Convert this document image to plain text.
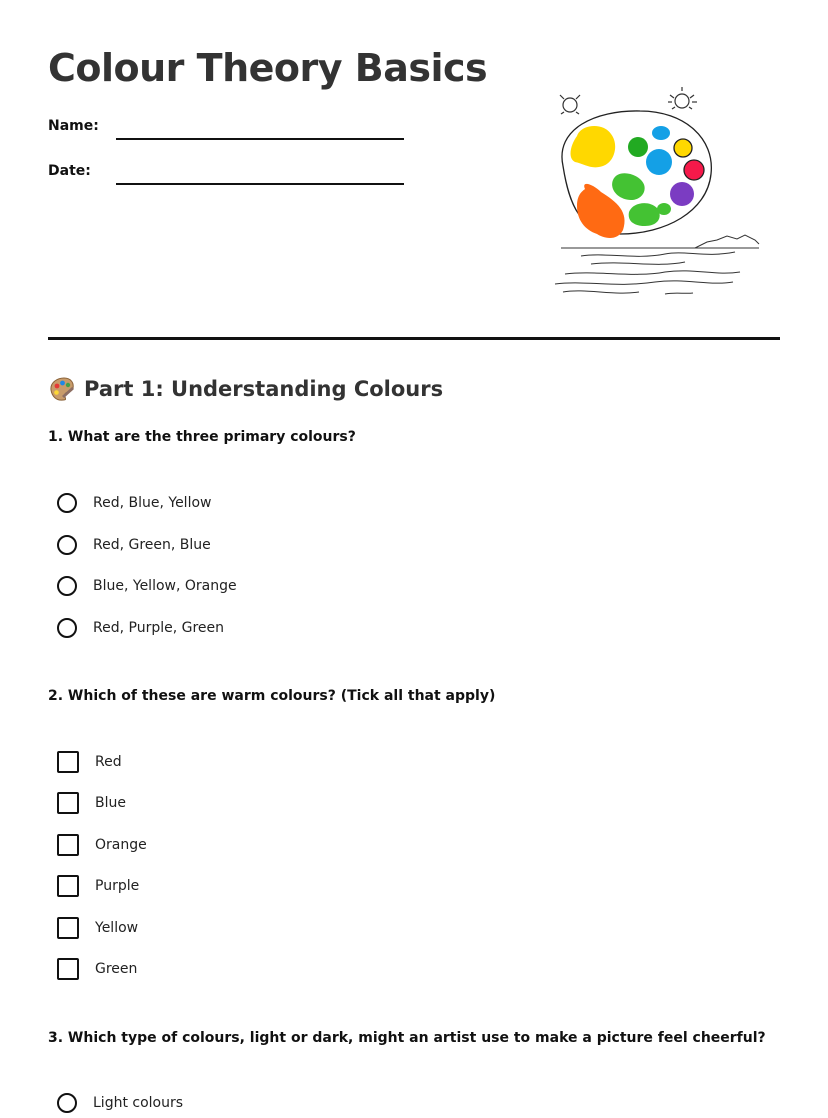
Colour Theory Basics
Name:
Date:
Part 1: Understanding Colours
1. What are the three primary colours?
Red, Blue, Yellow
Red, Green, Blue
Blue, Yellow, Orange
Red, Purple, Green
2. Which of these are warm colours? (Tick all that apply)
Red
Blue
Orange
Purple
Yellow
Green
3. Which type of colours, light or dark, might an artist use to make a picture feel cheerful?
Light colours
